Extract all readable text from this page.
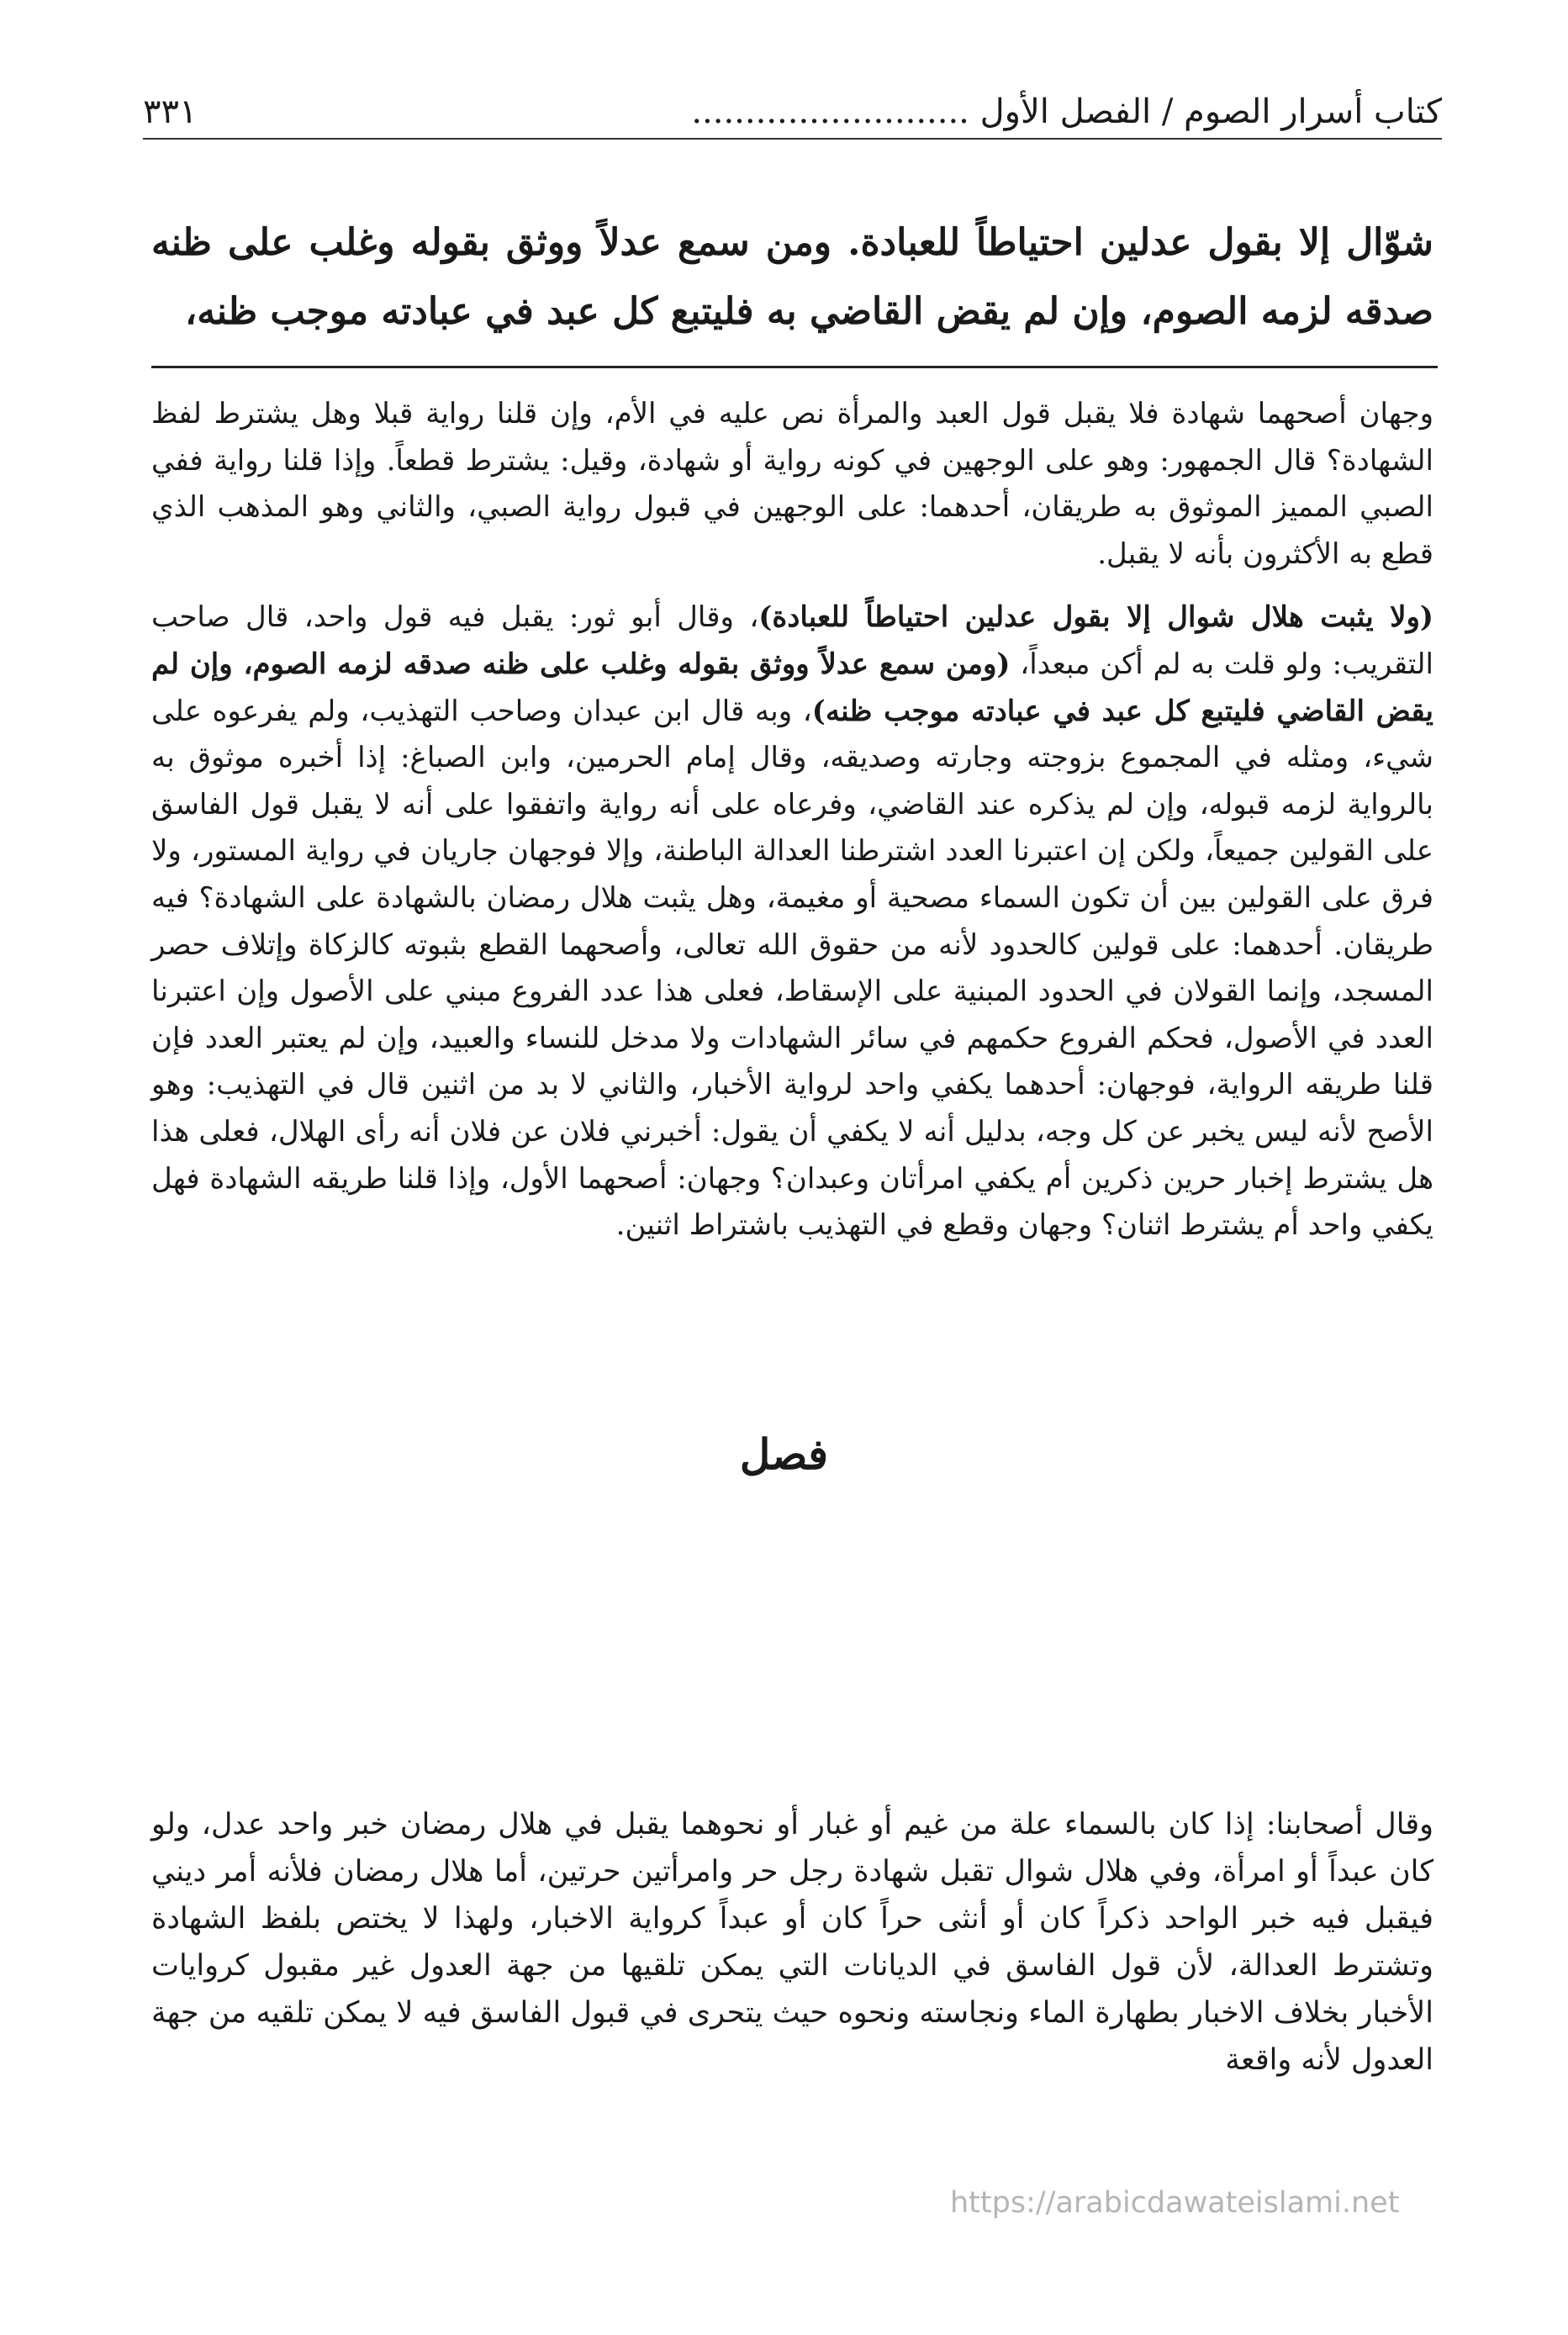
كتاب أسرار الصوم / الفصل الأول ..........................
٣٣١
شوّال إلا بقول عدلين احتياطاً للعبادة. ومن سمع عدلاً ووثق بقوله وغلب على ظنه صدقه لزمه الصوم، وإن لم يقض القاضي به فليتبع كل عبد في عبادته موجب ظنه،

وجهان أصحهما شهادة فلا يقبل قول العبد والمرأة نص عليه في الأم، وإن قلنا رواية قبلا وهل يشترط لفظ الشهادة؟ قال الجمهور: وهو على الوجهين في كونه رواية أو شهادة، وقيل: يشترط قطعاً. وإذا قلنا رواية ففي الصبي المميز الموثوق به طريقان، أحدهما: على الوجهين في قبول رواية الصبي، والثاني وهو المذهب الذي قطع به الأكثرون بأنه لا يقبل.

(ولا يثبت هلال شوال إلا بقول عدلين احتياطاً للعبادة)، وقال أبو ثور: يقبل فيه قول واحد، قال صاحب التقريب: ولو قلت به لم أكن مبعداً، (ومن سمع عدلاً ووثق بقوله وغلب على ظنه صدقه لزمه الصوم، وإن لم يقض القاضي فليتبع كل عبد في عبادته موجب ظنه)، وبه قال ابن عبدان وصاحب التهذيب، ولم يفرعوه على شيء، ومثله في المجموع بزوجته وجارته وصديقه، وقال إمام الحرمين، وابن الصباغ: إذا أخبره موثوق به بالرواية لزمه قبوله، وإن لم يذكره عند القاضي، وفرعاه على أنه رواية واتفقوا على أنه لا يقبل قول الفاسق على القولين جميعاً، ولكن إن اعتبرنا العدد اشترطنا العدالة الباطنة، وإلا فوجهان جاريان في رواية المستور، ولا فرق على القولين بين أن تكون السماء مصحية أو مغيمة، وهل يثبت هلال رمضان بالشهادة على الشهادة؟ فيه طريقان. أحدهما: على قولين كالحدود لأنه من حقوق الله تعالى، وأصحهما القطع بثبوته كالزكاة وإتلاف حصر المسجد، وإنما القولان في الحدود المبنية على الإسقاط، فعلى هذا عدد الفروع مبني على الأصول وإن اعتبرنا العدد في الأصول، فحكم الفروع حكمهم في سائر الشهادات ولا مدخل للنساء والعبيد، وإن لم يعتبر العدد فإن قلنا طريقه الرواية، فوجهان: أحدهما يكفي واحد لرواية الأخبار، والثاني لا بد من اثنين قال في التهذيب: وهو الأصح لأنه ليس يخبر عن كل وجه، بدليل أنه لا يكفي أن يقول: أخبرني فلان عن فلان أنه رأى الهلال، فعلى هذا هل يشترط إخبار حرين ذكرين أم يكفي امرأتان وعبدان؟ وجهان: أصحهما الأول، وإذا قلنا طريقه الشهادة فهل يكفي واحد أم يشترط اثنان؟ وجهان وقطع في التهذيب باشتراط اثنين.

فصل
وقال أصحابنا: إذا كان بالسماء علة من غيم أو غبار أو نحوهما يقبل في هلال رمضان خبر واحد عدل، ولو كان عبداً أو امرأة، وفي هلال شوال تقبل شهادة رجل حر وامرأتين حرتين، أما هلال رمضان فلأنه أمر ديني فيقبل فيه خبر الواحد ذكراً كان أو أنثى حراً كان أو عبداً كرواية الاخبار، ولهذا لا يختص بلفظ الشهادة وتشترط العدالة، لأن قول الفاسق في الديانات التي يمكن تلقيها من جهة العدول غير مقبول كروايات الأخبار بخلاف الاخبار بطهارة الماء ونجاسته ونحوه حيث يتحرى في قبول الفاسق فيه لا يمكن تلقيه من جهة العدول لأنه واقعة
https://arabicdawateislami.net
